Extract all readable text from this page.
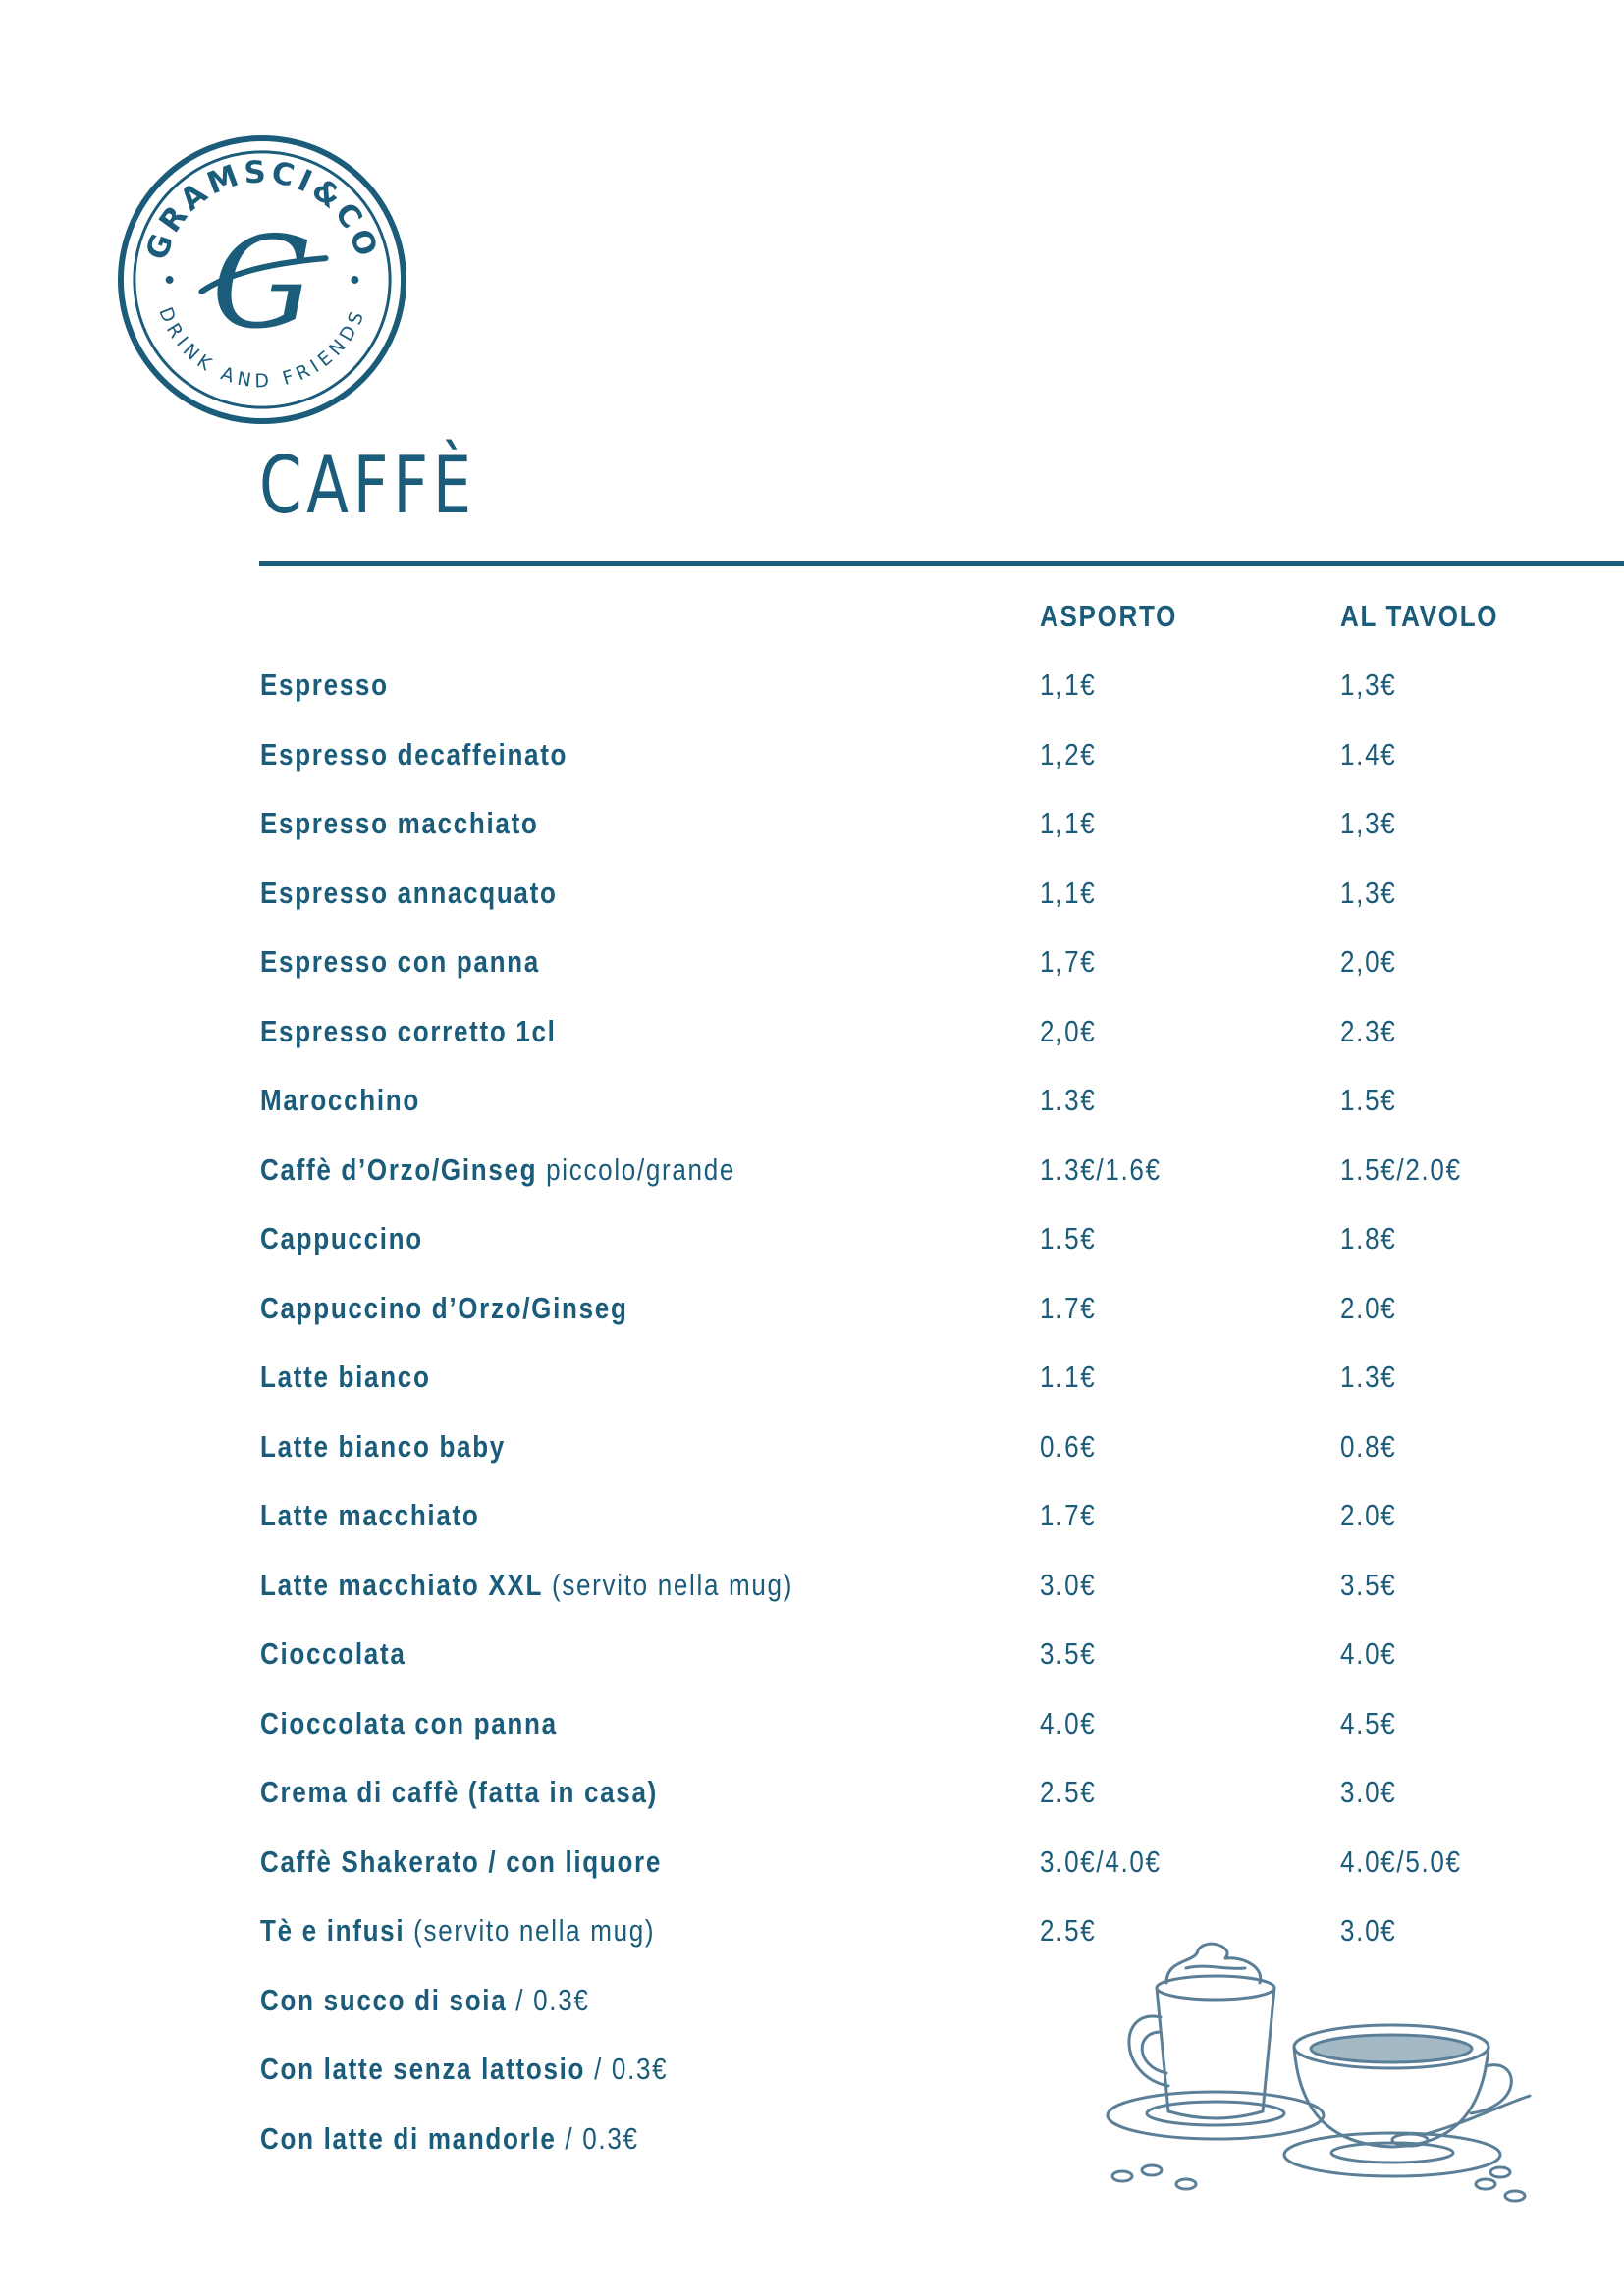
GRAMSCI&CO
DRINK AND FRIENDS
G
CAFFÈ
ASPORTO	AL TAVOLO
Espresso	1,1€	1,3€
Espresso decaffeinato	1,2€	1.4€
Espresso macchiato	1,1€	1,3€
Espresso annacquato	1,1€	1,3€
Espresso con panna	1,7€	2,0€
Espresso corretto 1cl	2,0€	2.3€
Marocchino	1.3€	1.5€
Caffè d’Orzo/Ginseg piccolo/grande	1.3€/1.6€	1.5€/2.0€
Cappuccino	1.5€	1.8€
Cappuccino d’Orzo/Ginseg	1.7€	2.0€
Latte bianco	1.1€	1.3€
Latte bianco baby	0.6€	0.8€
Latte macchiato	1.7€	2.0€
Latte macchiato XXL (servito nella mug)	3.0€	3.5€
Cioccolata	3.5€	4.0€
Cioccolata con panna	4.0€	4.5€
Crema di caffè (fatta in casa)	2.5€	3.0€
Caffè Shakerato / con liquore	3.0€/4.0€	4.0€/5.0€
Tè e infusi (servito nella mug)	2.5€	3.0€
Con succo di soia / 0.3€
Con latte senza lattosio / 0.3€
Con latte di mandorle / 0.3€
